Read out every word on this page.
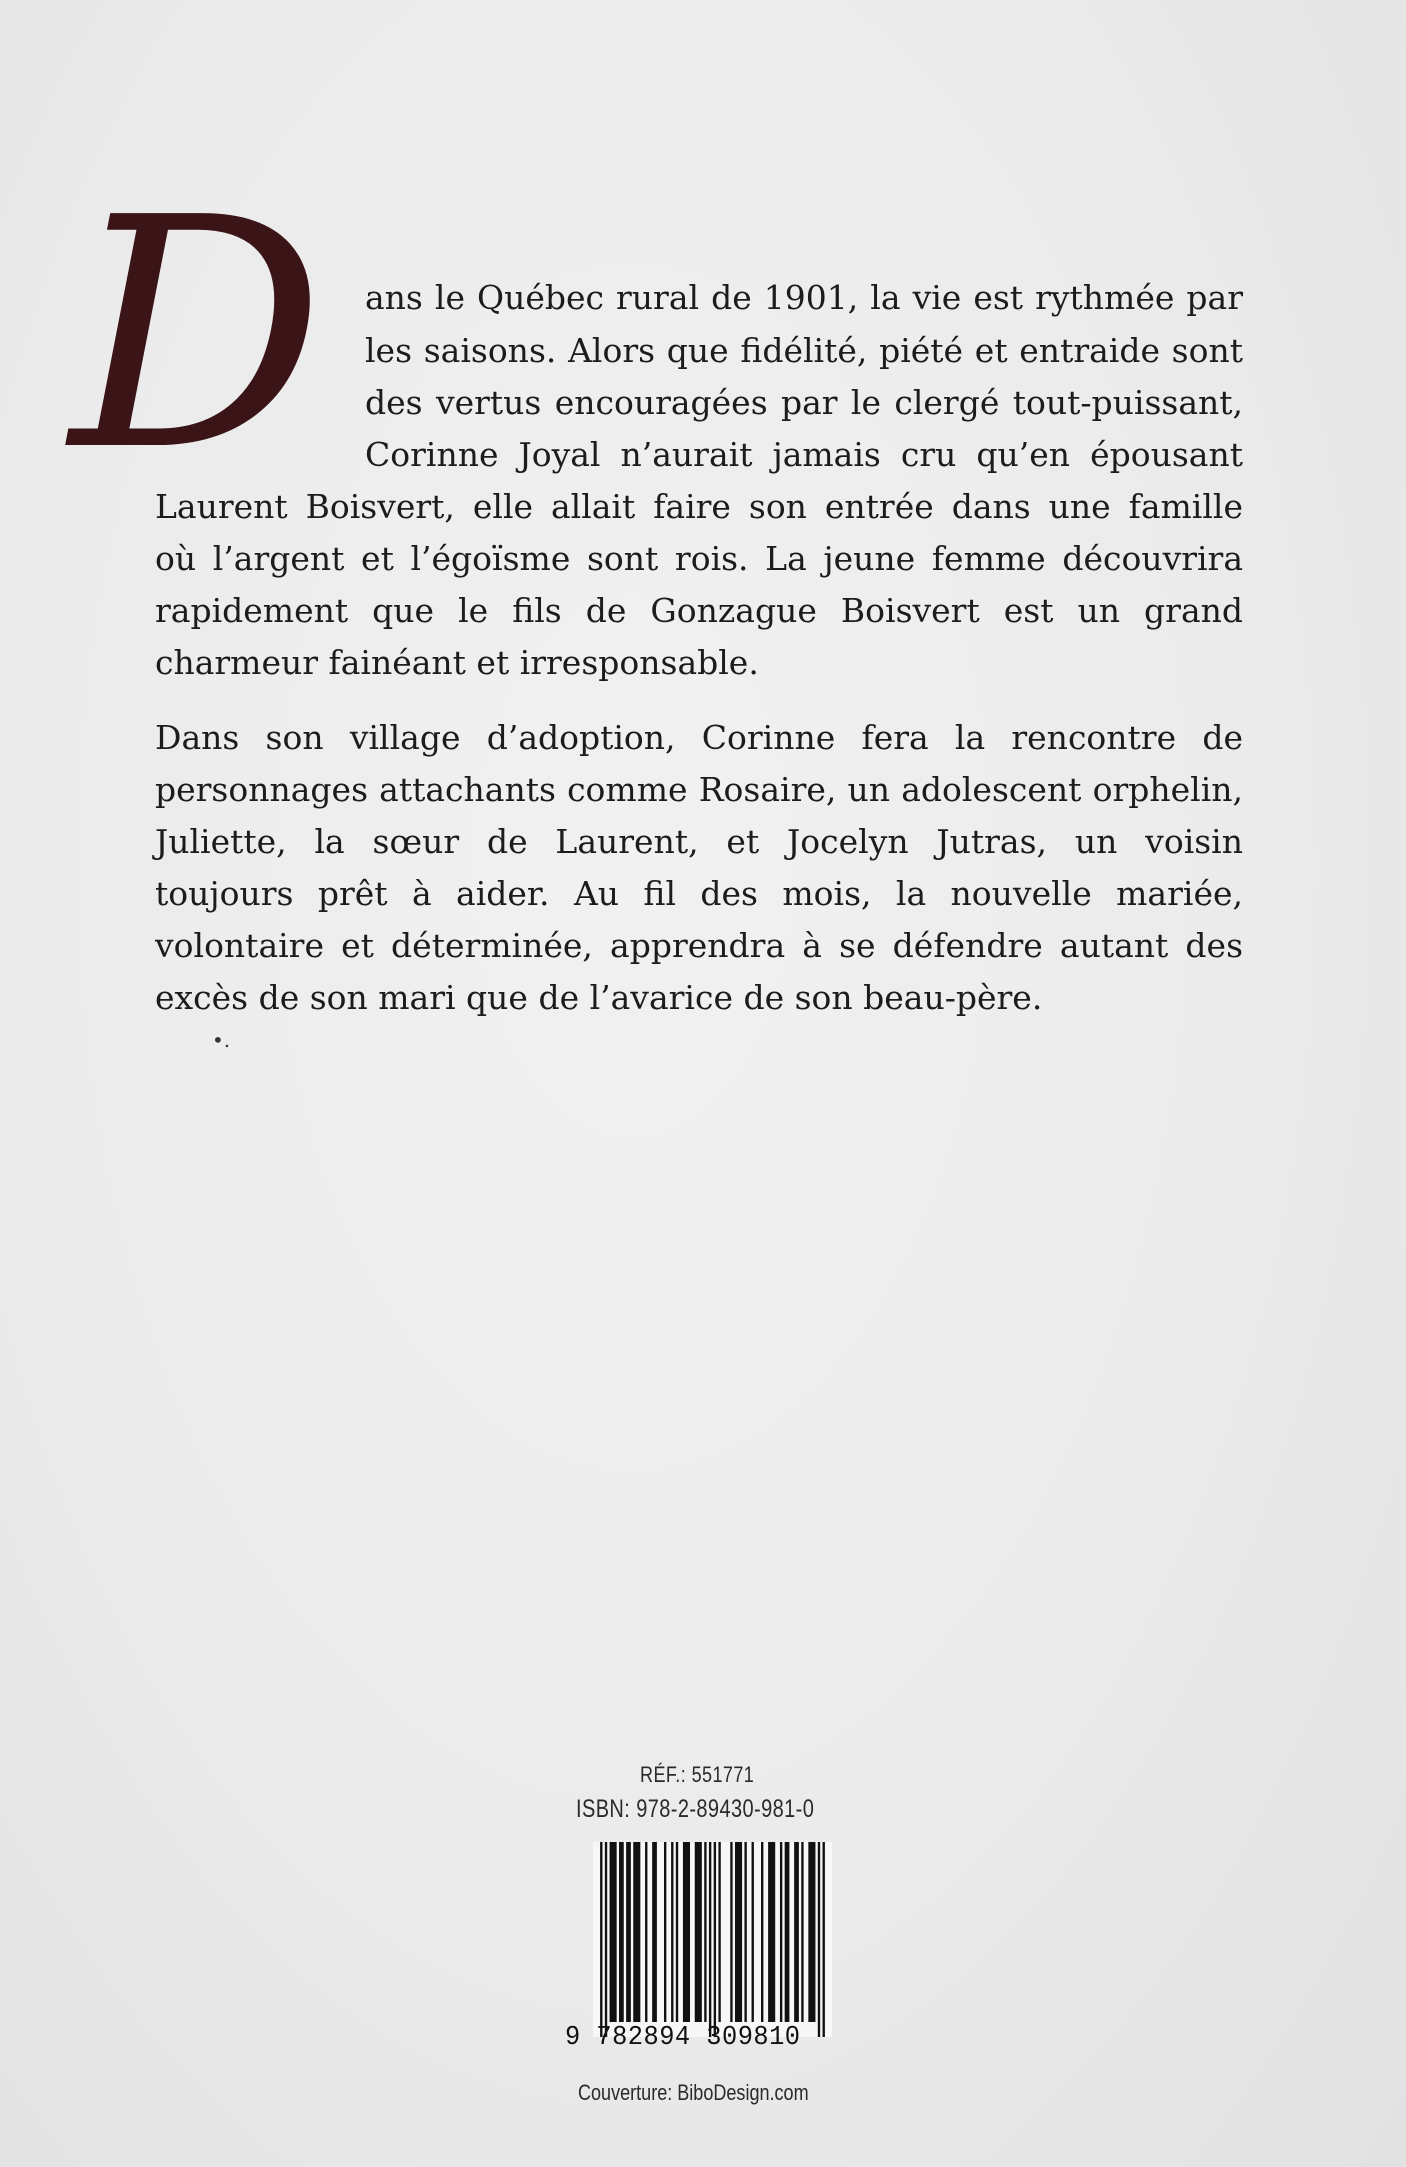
D	ans le Québec rural de 1901, la vie est rythmée par
les saisons. Alors que fidélité, piété et entraide sont
des vertus encouragées par le clergé tout-puissant,
Corinne Joyal n’aurait jamais cru qu’en épousant
Laurent Boisvert, elle allait faire son entrée dans une famille
où l’argent et l’égoïsme sont rois. La jeune femme découvrira
rapidement que le fils de Gonzague Boisvert est un grand
charmeur fainéant et irresponsable.
Dans son village d’adoption, Corinne fera la rencontre de
personnages attachants comme Rosaire, un adolescent orphelin,
Juliette, la sœur de Laurent, et Jocelyn Jutras, un voisin
toujours prêt à aider. Au fil des mois, la nouvelle mariée,
volontaire et déterminée, apprendra à se défendre autant des
excès de son mari que de l’avarice de son beau-père.
•.
RÉF.: 551771
ISBN: 978-2-89430-981-0
9 782894 309810
Couverture: BiboDesign.com
